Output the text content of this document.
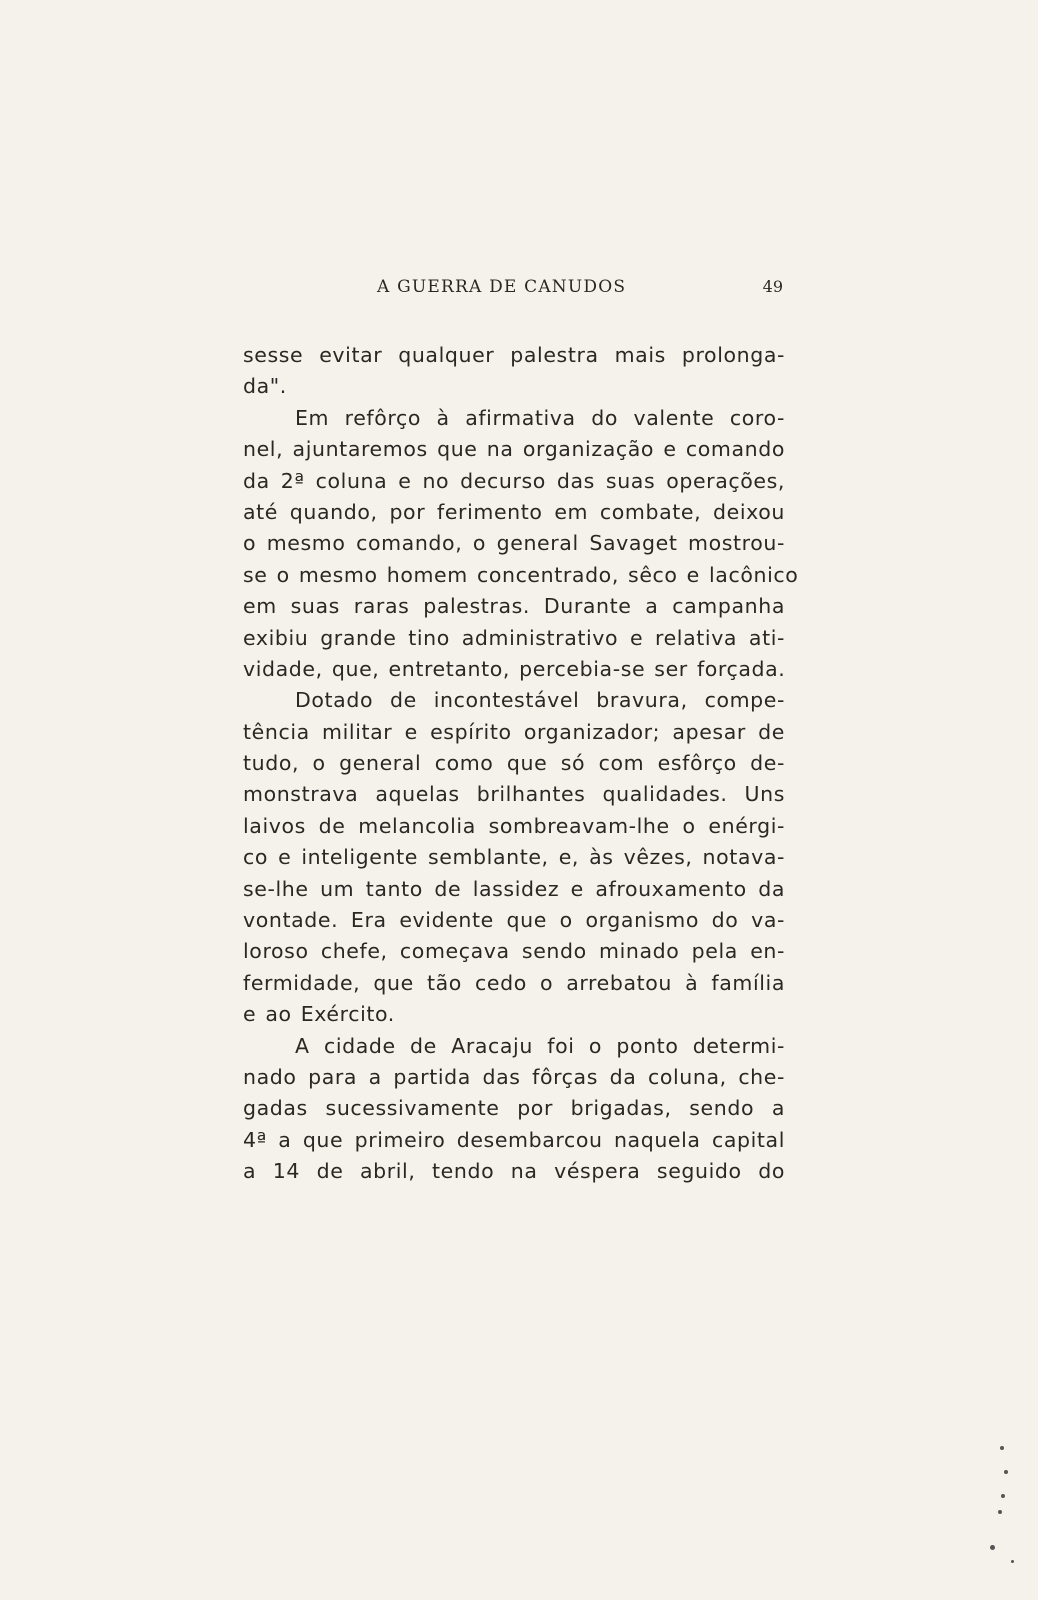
A GUERRA DE CANUDOS	49
sesse evitar qualquer palestra mais prolonga-
da".
Em refôrço à afirmativa do valente coro-
nel, ajuntaremos que na organização e comando
da 2ª coluna e no decurso das suas operações,
até quando, por ferimento em combate, deixou
o mesmo comando, o general Savaget mostrou-
se o mesmo homem concentrado, sêco e lacônico
em suas raras palestras. Durante a campanha
exibiu grande tino administrativo e relativa ati-
vidade, que, entretanto, percebia-se ser forçada.
Dotado de incontestável bravura, compe-
tência militar e espírito organizador; apesar de
tudo, o general como que só com esfôrço de-
monstrava aquelas brilhantes qualidades. Uns
laivos de melancolia sombreavam-lhe o enérgi-
co e inteligente semblante, e, às vêzes, notava-
se-lhe um tanto de lassidez e afrouxamento da
vontade. Era evidente que o organismo do va-
loroso chefe, começava sendo minado pela en-
fermidade, que tão cedo o arrebatou à família
e ao Exército.
A cidade de Aracaju foi o ponto determi-
nado para a partida das fôrças da coluna, che-
gadas sucessivamente por brigadas, sendo a
4ª a que primeiro desembarcou naquela capital
a 14 de abril, tendo na véspera seguido do
